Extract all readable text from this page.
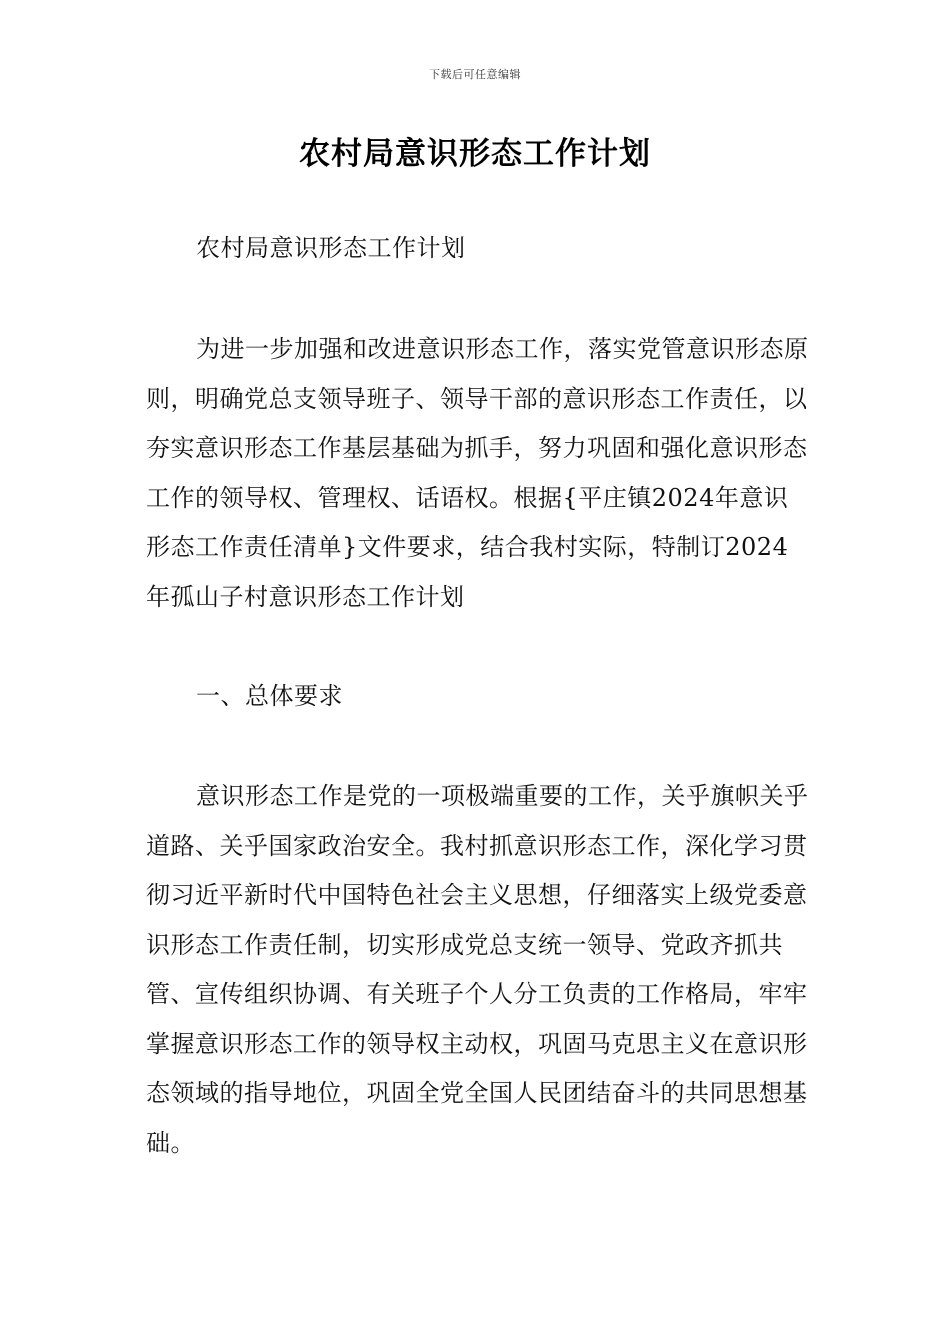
下载后可任意编辑
农村局意识形态工作计划

农村局意识形态工作计划

为进一步加强和改进意识形态工作，落实党管意识形态原则，明确党总支领导班子、领导干部的意识形态工作责任，以夯实意识形态工作基层基础为抓手，努力巩固和强化意识形态工作的领导权、管理权、话语权。根据{平庄镇2024年意识形态工作责任清单}文件要求，结合我村实际，特制订2024年孤山子村意识形态工作计划

一、总体要求

意识形态工作是党的一项极端重要的工作，关乎旗帜关乎道路、关乎国家政治安全。我村抓意识形态工作，深化学习贯彻习近平新时代中国特色社会主义思想，仔细落实上级党委意识形态工作责任制，切实形成党总支统一领导、党政齐抓共管、宣传组织协调、有关班子个人分工负责的工作格局，牢牢掌握意识形态工作的领导权主动权，巩固马克思主义在意识形态领域的指导地位，巩固全党全国人民团结奋斗的共同思想基础。
